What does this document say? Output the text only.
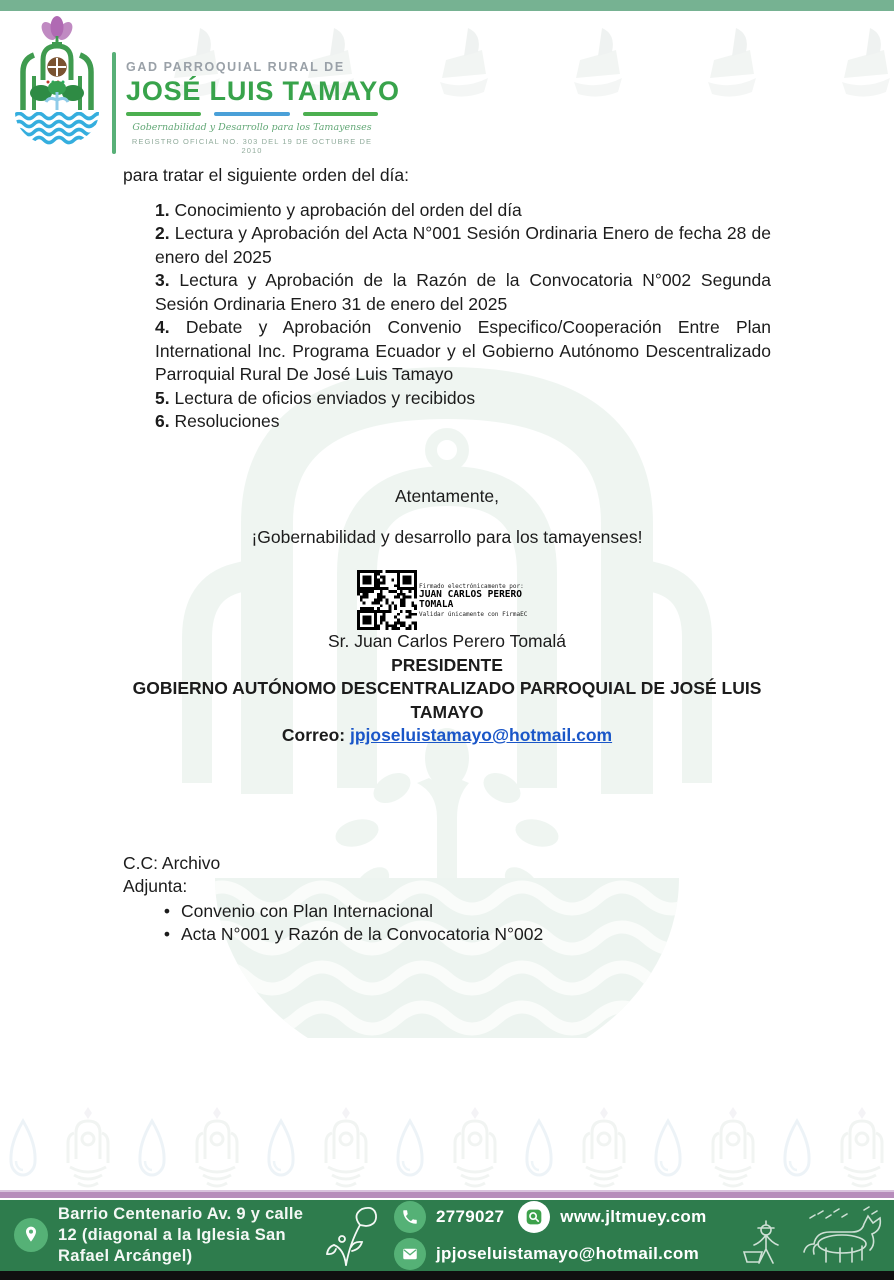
GAD PARROQUIAL RURAL DE
JOSÉ LUIS TAMAYO
Gobernabilidad y Desarrollo para los Tamayenses
REGISTRO OFICIAL NO. 303 DEL 19 DE OCTUBRE DE 2010

para tratar el siguiente orden del día:

1. Conocimiento y aprobación del orden del día

2. Lectura y Aprobación del Acta N°001 Sesión Ordinaria Enero de fecha 28 de enero del 2025

3. Lectura y Aprobación de la Razón de la Convocatoria N°002 Segunda Sesión Ordinaria Enero 31 de enero del 2025

4. Debate y Aprobación Convenio Especifico/Cooperación Entre Plan International Inc. Programa Ecuador y el Gobierno Autónomo Descentralizado Parroquial Rural De José Luis Tamayo

5. Lectura de oficios enviados y recibidos

6. Resoluciones

Atentamente,

¡Gobernabilidad y desarrollo para los tamayenses!

Firmado electrónicamente por:
JUAN CARLOS PERERO TOMALA
Validar únicamente con FirmaEC

Sr. Juan Carlos Perero Tomalá

PRESIDENTE

GOBIERNO AUTÓNOMO DESCENTRALIZADO PARROQUIAL DE JOSÉ LUIS TAMAYO

Correo: jpjoseluistamayo@hotmail.com

C.C: Archivo

Adjunta:

• Convenio con Plan Internacional

• Acta N°001 y Razón de la Convocatoria N°002

Barrio Centenario Av. 9 y calle 12 (diagonal a la Iglesia San Rafael Arcángel)
2779027	www.jltmuey.com
jpjoseluistamayo@hotmail.com
